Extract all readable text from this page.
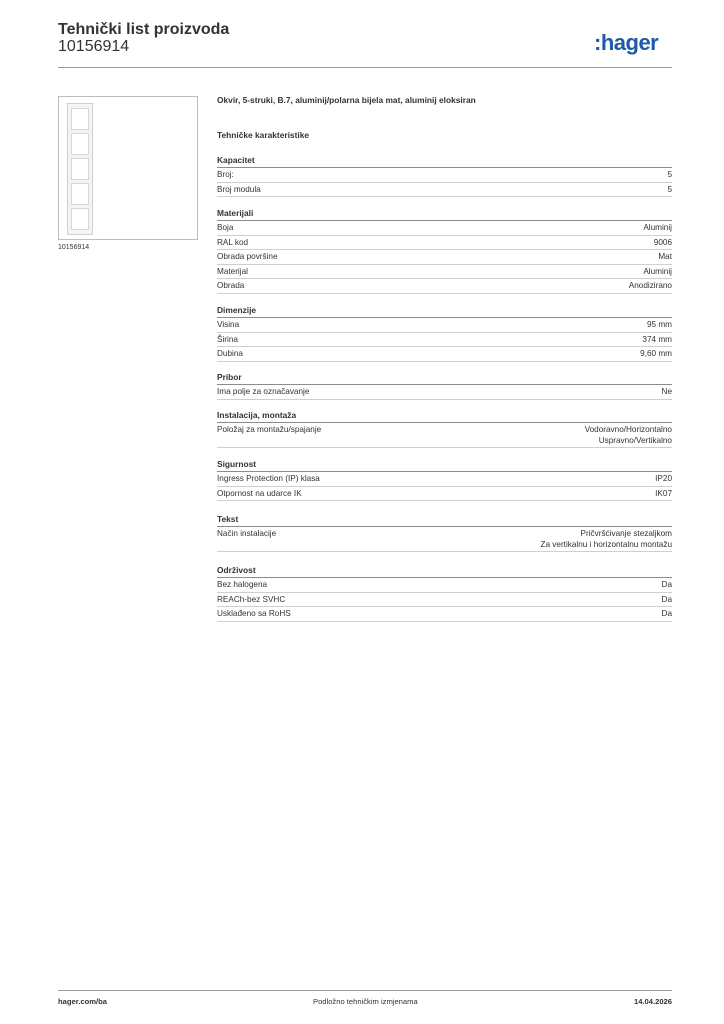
Tehnički list proizvoda
10156914	:hager
10156914
Okvir, 5-struki, B.7, aluminij/polarna bijela mat, aluminij eloksiran
Tehničke karakteristike
Kapacitet
Broj:	5
Broj modula	5
Materijali
Boja	Aluminij
RAL kod	9006
Obrada površine	Mat
Materijal	Aluminij
Obrada	Anodizirano
Dimenzije
Visina	95 mm
Širina	374 mm
Dubina	9,60 mm
Pribor
Ima polje za označavanje	Ne
Instalacija, montaža
Položaj za montažu/spajanje	Vodoravno/Horizontalno
Uspravno/Vertikalno
Sigurnost
Ingress Protection (IP) klasa	IP20
Otpornost na udarce IK	IK07
Tekst
Način instalacije	Pričvršćivanje stezaljkom
Za vertikalnu i horizontalnu montažu
Održivost
Bez halogena	Da
REACh-bez SVHC	Da
Usklađeno sa RoHS	Da
hager.com/ba	Podložno tehničkim izmjenama	14.04.2026
